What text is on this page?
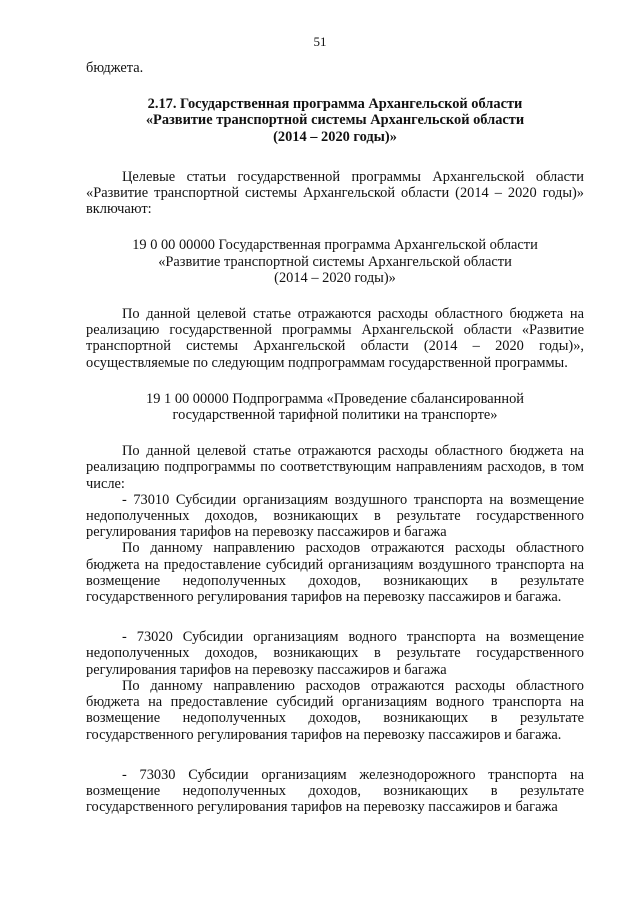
51

бюджета.

2.17. Государственная программа Архангельской области
«Развитие транспортной системы Архангельской области
(2014 – 2020 годы)»

Целевые статьи государственной программы Архангельской области «Развитие транспортной системы Архангельской области (2014 – 2020 годы)» включают:

19 0 00 00000 Государственная программа Архангельской области
«Развитие транспортной системы Архангельской области
(2014 – 2020 годы)»

По данной целевой статье отражаются расходы областного бюджета на реализацию государственной программы Архангельской области «Развитие транспортной системы Архангельской области (2014 – 2020 годы)», осуществляемые по следующим подпрограммам государственной программы.

19 1 00 00000 Подпрограмма «Проведение сбалансированной
государственной тарифной политики на транспорте»

По данной целевой статье отражаются расходы областного бюджета на реализацию подпрограммы по соответствующим направлениям расходов, в том числе:

- 73010 Субсидии организациям воздушного транспорта на возмещение недополученных доходов, возникающих в результате государственного регулирования тарифов на перевозку пассажиров и багажа

По данному направлению расходов отражаются расходы областного бюджета на предоставление субсидий организациям воздушного транспорта на возмещение недополученных доходов, возникающих в результате государственного регулирования тарифов на перевозку пассажиров и багажа.

- 73020 Субсидии организациям водного транспорта на возмещение недополученных доходов, возникающих в результате государственного регулирования тарифов на перевозку пассажиров и багажа

По данному направлению расходов отражаются расходы областного бюджета на предоставление субсидий организациям водного транспорта на возмещение недополученных доходов, возникающих в результате государственного регулирования тарифов на перевозку пассажиров и багажа.

- 73030 Субсидии организациям железнодорожного транспорта на возмещение недополученных доходов, возникающих в результате государственного регулирования тарифов на перевозку пассажиров и багажа
